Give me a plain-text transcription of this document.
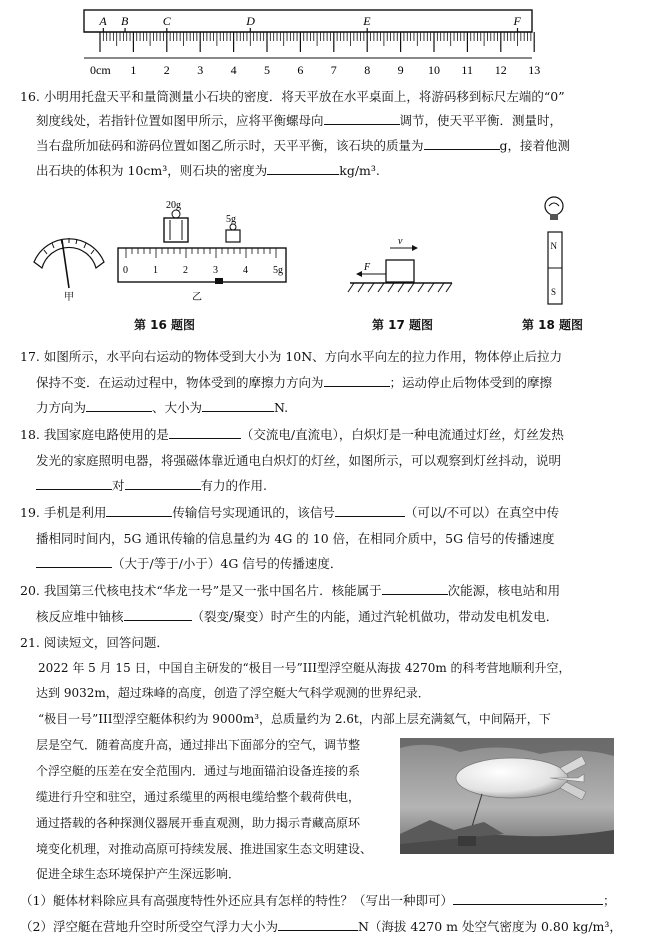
A B	C	D	E	F
0cm 1 2 3 4 5 6 7 8 9 10 11 12 13
16. 小明用托盘天平和量筒测量小石块的密度．将天平放在水平桌面上，将游码移到标尺左端的“0”
刻度线处，若指针位置如图甲所示，应将平衡螺母向	调节，使天平平衡．测量时，
当右盘所加砝码和游码位置如图乙所示时，天平平衡，该石块的质量为	g，接着他测
出石块的体积为 10cm³，则石块的密度为	kg/m³.
甲
20g
5g
0	1	2	3	4	5g
乙
v
F
N
S
第 16 题图	第 17 题图	第 18 题图
17. 如图所示，水平向右运动的物体受到大小为 10N、方向水平向左的拉力作用，物体停止后拉力
保持不变．在运动过程中，物体受到的摩擦力方向为	；运动停止后物体受到的摩擦
力方向为	、大小为	N.
18. 我国家庭电路使用的是	（交流电/直流电），白炽灯是一种电流通过灯丝，灯丝发热
发光的家庭照明电器，将强磁体靠近通电白炽灯的灯丝，如图所示，可以观察到灯丝抖动，说明
对	有力的作用.
19. 手机是利用	传输信号实现通讯的，该信号	（可以/不可以）在真空中传
播相同时间内，5G 通讯传输的信息量约为 4G 的 10 倍，在相同介质中，5G 信号的传播速度
（大于/等于/小于）4G 信号的传播速度．
20. 我国第三代核电技术“华龙一号”是又一张中国名片．核能属于	次能源，核电站和用
核反应堆中铀核	（裂变/聚变）时产生的内能，通过汽轮机做功，带动发电机发电．
21. 阅读短文，回答问题．
2022 年 5 月 15 日，中国自主研发的“极目一号”III型浮空艇从海拔 4270m 的科考营地顺利升空，
达到 9032m，超过珠峰的高度，创造了浮空艇大气科学观测的世界纪录．
“极目一号”III型浮空艇体积约为 9000m³，总质量约为 2.6t，内部上层充满氦气，中间隔开，下
层是空气．随着高度升高，通过排出下面部分的空气，调节整
个浮空艇的压差在安全范围内．通过与地面锚泊设备连接的系
缆进行升空和驻空，通过系缆里的两根电缆给整个载荷供电，
通过搭载的各种探测仪器展开垂直观测，助力揭示青藏高原环
境变化机理，对推动高原可持续发展、推进国家生态文明建设、
促进全球生态环境保护产生深远影响．
（1）艇体材料除应具有高强度特性外还应具有怎样的特性？（写出一种即可）	；
（2）浮空艇在营地升空时所受空气浮力大小为	N（海拔 4270 m 处空气密度为 0.80 kg/m³，
